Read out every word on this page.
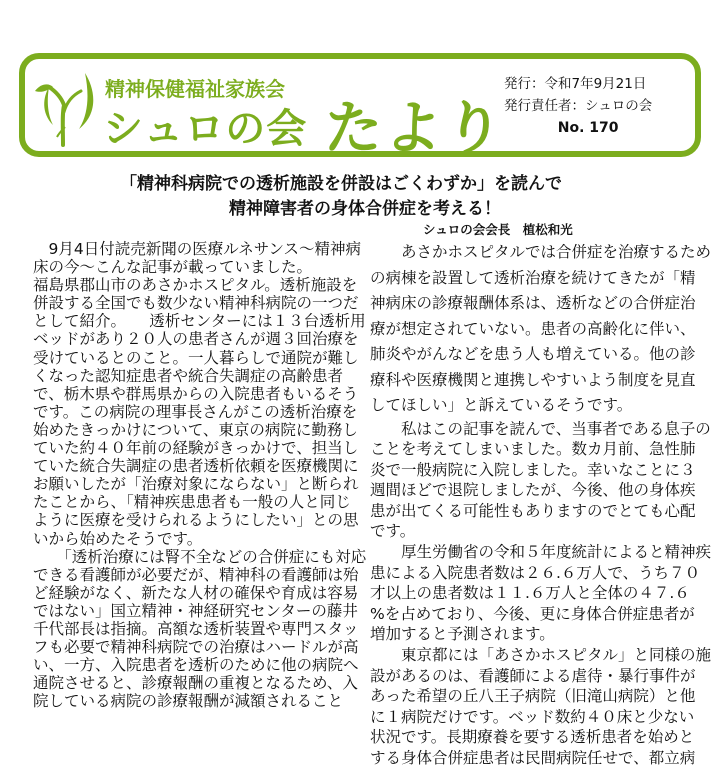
精神保健福祉家族会
シュロの会 たより
発行：令和7年9月21日
発行責任者：シュロの会
No. 170
「精神科病院での透析施設を併設はごくわずか」を読んで
精神障害者の身体合併症を考える！
シュロの会会長　植松和光
　9月4日付読売新聞の医療ルネサンス～精神病
床の今～こんな記事が載っていました。
福島県郡山市のあさかホスピタル。透析施設を
併設する全国でも数少ない精神科病院の一つだ
として紹介。　　透析センターには１３台透析用
ベッドがあり２０人の患者さんが週３回治療を
受けているとのこと。一人暮らしで通院が難し
くなった認知症患者や統合失調症の高齢患者
で、栃木県や群馬県からの入院患者もいるそう
です。この病院の理事長さんがこの透析治療を
始めたきっかけについて、東京の病院に勤務し
ていた約４０年前の経験がきっかけで、担当し
ていた統合失調症の患者透析依頼を医療機関に
お願いしたが「治療対象にならない」と断られ
たことから、「精神疾患患者も一般の人と同じ
ように医療を受けられるようにしたい」との思
いから始めたそうです。
　　「透析治療には腎不全などの合併症にも対応
できる看護師が必要だが、精神科の看護師は殆
ど経験がなく、新たな人材の確保や育成は容易
ではない」国立精神・神経研究センターの藤井
千代部長は指摘。高額な透析装置や専門スタッ
フも必要で精神科病院での治療はハードルが高
い、一方、入院患者を透析のために他の病院へ
通院させると、診療報酬の重複となるため、入
院している病院の診療報酬が減額されること
　　あさかホスピタルでは合併症を治療するため
の病棟を設置して透析治療を続けてきたが「精
神病床の診療報酬体系は、透析などの合併症治
療が想定されていない。患者の高齢化に伴い、
肺炎やがんなどを患う人も増えている。他の診
療科や医療機関と連携しやすいよう制度を見直
してほしい」と訴えているそうです。
　　私はこの記事を読んで、当事者である息子の
ことを考えてしまいました。数カ月前、急性肺
炎で一般病院に入院しました。幸いなことに３
週間ほどで退院しましたが、今後、他の身体疾
患が出てくる可能性もありますのでとても心配
です。
　　厚生労働省の令和５年度統計によると精神疾
患による入院患者数は２６.６万人で、うち７０
才以上の患者数は１１.６万人と全体の４７.６
%を占めており、今後、更に身体合併症患者が
増加すると予測されます。
　　東京都には「あさかホスピタル」と同様の施
設があるのは、看護師による虐待・暴行事件が
あった希望の丘八王子病院（旧滝山病院）と他
に１病院だけです。ベッド数約４０床と少ない
状況です。長期療養を要する透析患者を始めと
する身体合併症患者は民間病院任せで、都立病
